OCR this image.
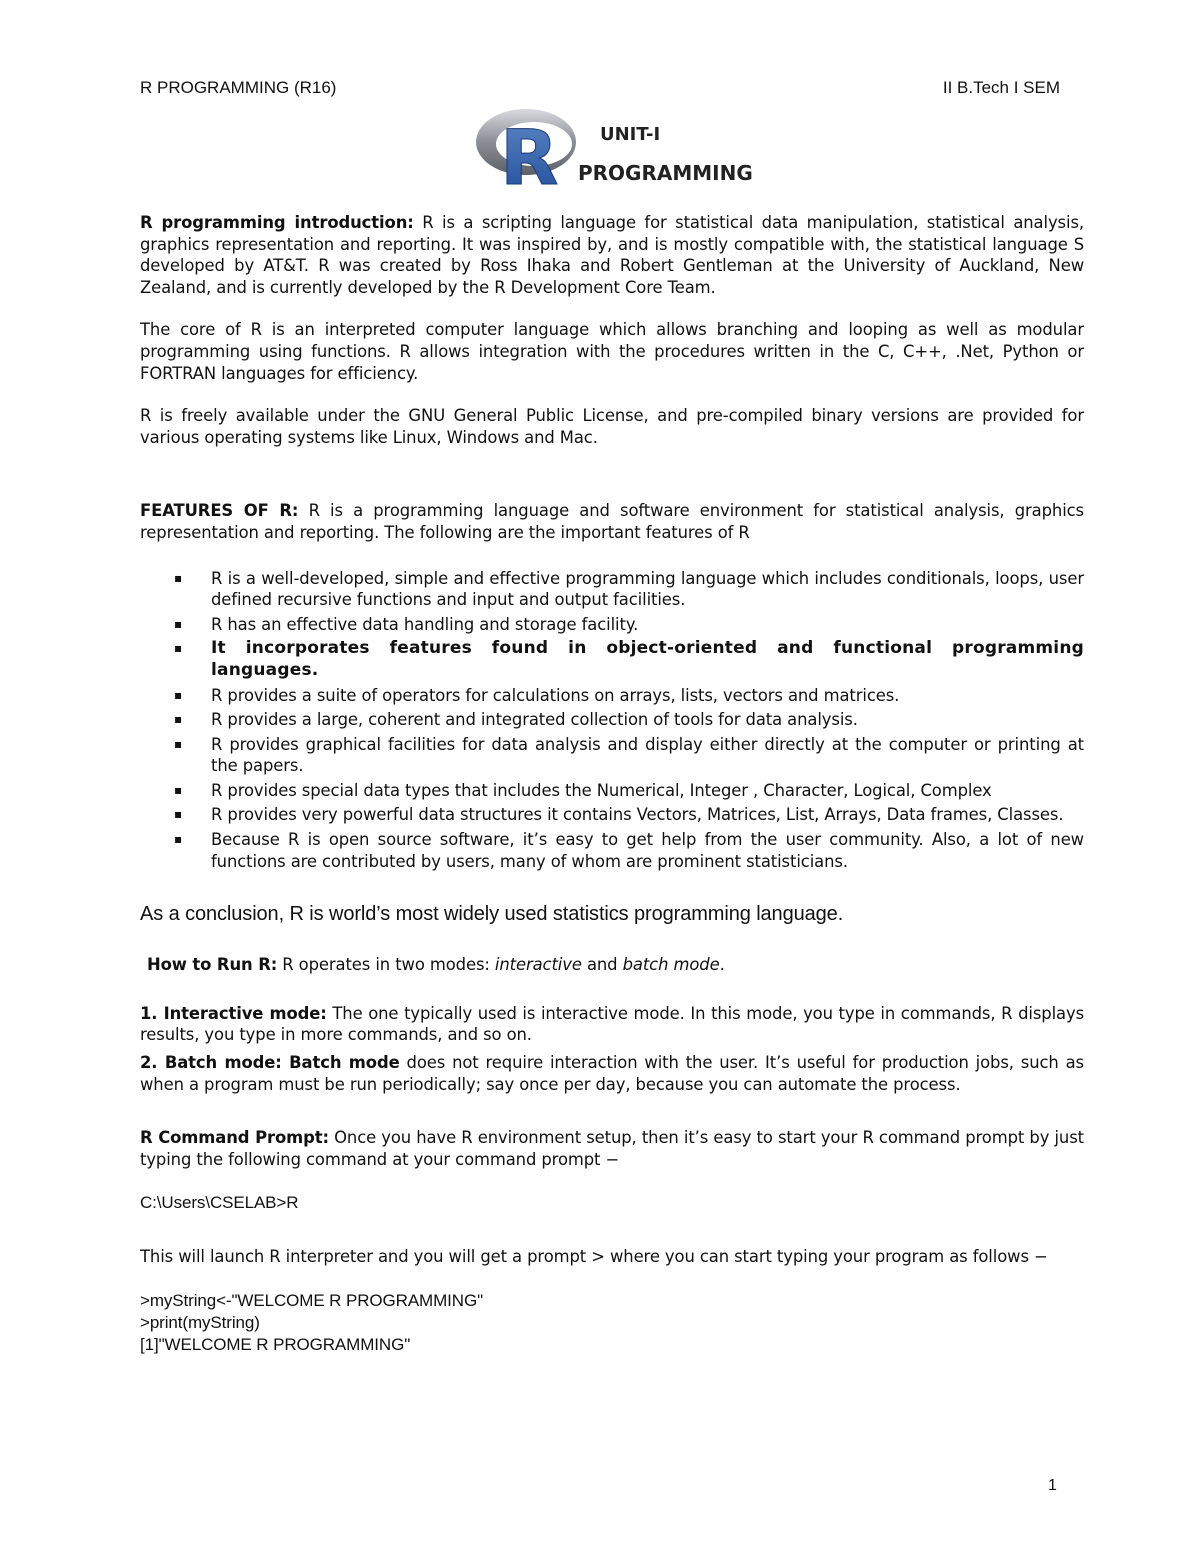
R PROGRAMMING (R16)	II B.Tech I SEM
R UNIT-I
PROGRAMMING

R programming introduction: R is a scripting language for statistical data manipulation, statistical analysis, graphics representation and reporting. It was inspired by, and is mostly compatible with, the statistical language S developed by AT&T. R was created by Ross Ihaka and Robert Gentleman at the University of Auckland, New Zealand, and is currently developed by the R Development Core Team.

The core of R is an interpreted computer language which allows branching and looping as well as modular programming using functions. R allows integration with the procedures written in the C, C++, .Net, Python or FORTRAN languages for efficiency.

R is freely available under the GNU General Public License, and pre-compiled binary versions are provided for various operating systems like Linux, Windows and Mac.

FEATURES OF R: R is a programming language and software environment for statistical analysis, graphics representation and reporting. The following are the important features of R

▪ R is a well-developed, simple and effective programming language which includes conditionals, loops, user defined recursive functions and input and output facilities.
▪ R has an effective data handling and storage facility.
▪ It incorporates features found in object-oriented and functional programming languages.
▪ R provides a suite of operators for calculations on arrays, lists, vectors and matrices.
▪ R provides a large, coherent and integrated collection of tools for data analysis.
▪ R provides graphical facilities for data analysis and display either directly at the computer or printing at the papers.
▪ R provides special data types that includes the Numerical, Integer , Character, Logical, Complex
▪ R provides very powerful data structures it contains Vectors, Matrices, List, Arrays, Data frames, Classes.
▪ Because R is open source software, it’s easy to get help from the user community. Also, a lot of new functions are contributed by users, many of whom are prominent statisticians.

As a conclusion, R is world’s most widely used statistics programming language.

How to Run R: R operates in two modes: interactive and batch mode.

1. Interactive mode: The one typically used is interactive mode. In this mode, you type in commands, R displays results, you type in more commands, and so on.

2. Batch mode: Batch mode does not require interaction with the user. It’s useful for production jobs, such as when a program must be run periodically; say once per day, because you can automate the process.

R Command Prompt: Once you have R environment setup, then it’s easy to start your R command prompt by just typing the following command at your command prompt −

C:\Users\CSELAB>R

This will launch R interpreter and you will get a prompt > where you can start typing your program as follows −

>myString<-"WELCOME R PROGRAMMING"

>print(myString)

[1]"WELCOME R PROGRAMMING"

1
